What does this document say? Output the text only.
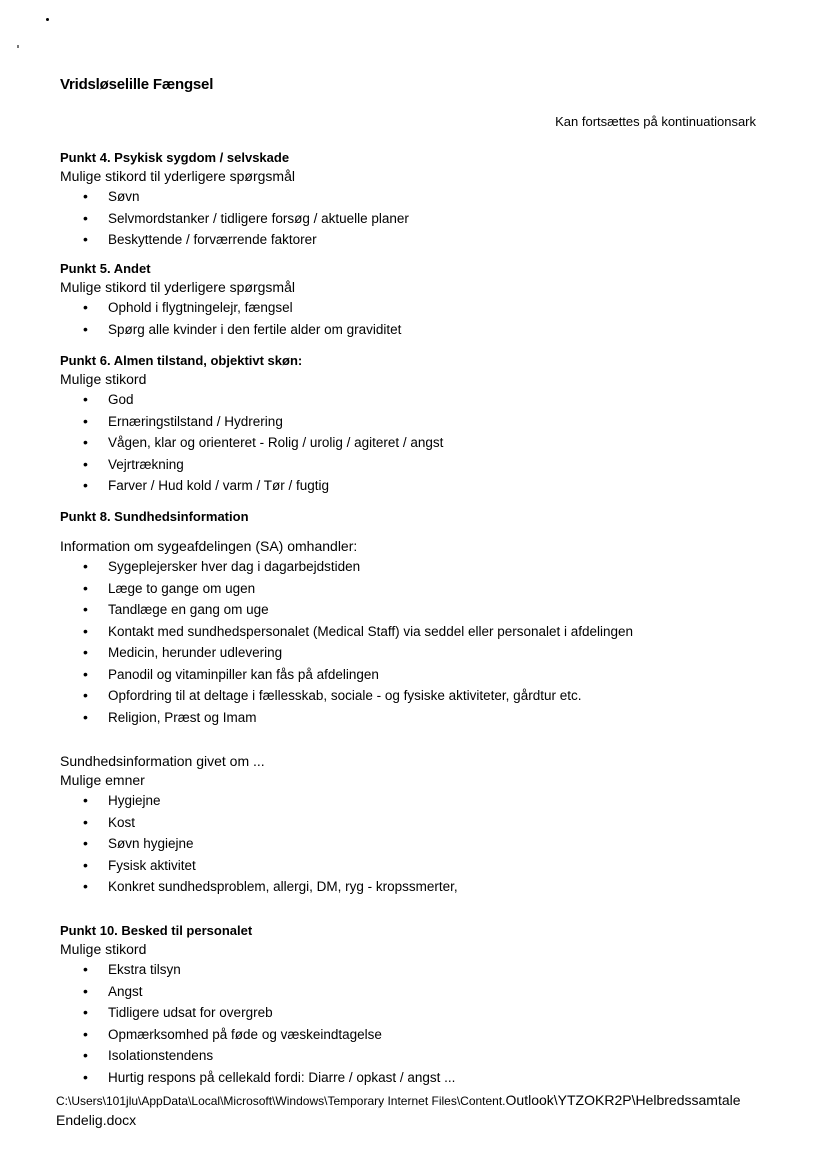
Vridsløselille Fængsel
Kan fortsættes på kontinuationsark
Punkt 4. Psykisk sygdom / selvskade
Mulige stikord til yderligere spørgsmål
• Søvn
• Selvmordstanker / tidligere forsøg / aktuelle planer
• Beskyttende / forværrende faktorer
Punkt 5. Andet
Mulige stikord til yderligere spørgsmål
• Ophold i flygtningelejr, fængsel
• Spørg alle kvinder i den fertile alder om graviditet
Punkt 6. Almen tilstand, objektivt skøn:
Mulige stikord
• God
• Ernæringstilstand / Hydrering
• Vågen, klar og orienteret - Rolig / urolig / agiteret / angst
• Vejrtrækning
• Farver / Hud kold / varm / Tør / fugtig
Punkt 8. Sundhedsinformation
Information om sygeafdelingen (SA) omhandler:
• Sygeplejersker hver dag i dagarbejdstiden
• Læge to gange om ugen
• Tandlæge en gang om uge
• Kontakt med sundhedspersonalet (Medical Staff) via seddel eller personalet i afdelingen
• Medicin, herunder udlevering
• Panodil og vitaminpiller kan fås på afdelingen
• Opfordring til at deltage i fællesskab, sociale - og fysiske aktiviteter, gårdtur etc.
• Religion, Præst og Imam
Sundhedsinformation givet om ...
Mulige emner
• Hygiejne
• Kost
• Søvn hygiejne
• Fysisk aktivitet
• Konkret sundhedsproblem, allergi, DM, ryg - kropssmerter,
Punkt 10. Besked til personalet
Mulige stikord
• Ekstra tilsyn
• Angst
• Tidligere udsat for overgreb
• Opmærksomhed på føde og væskeindtagelse
• Isolationstendens
• Hurtig respons på cellekald fordi: Diarre / opkast / angst ...
C:\Users\101jlu\AppData\Local\Microsoft\Windows\Temporary Internet Files\Content.Outlook\YTZOKR2P\Helbredssamtale
Endelig.docx
